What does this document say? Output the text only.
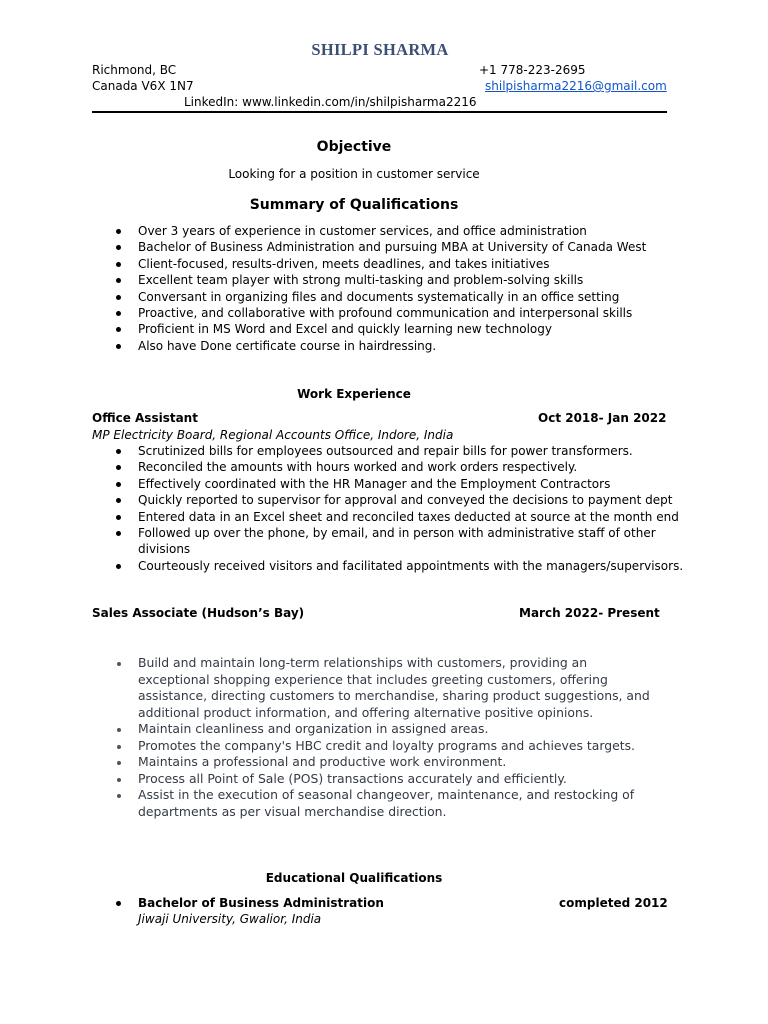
SHILPI SHARMA
Richmond, BC
Canada V6X 1N7
+1 778-223-2695
shilpisharma2216@gmail.com
LinkedIn: www.linkedin.com/in/shilpisharma2216
Objective
Looking for a position in customer service
Summary of Qualifications
Over 3 years of experience in customer services, and office administration
Bachelor of Business Administration and pursuing MBA at University of Canada West
Client-focused, results-driven, meets deadlines, and takes initiatives
Excellent team player with strong multi-tasking and problem-solving skills
Conversant in organizing files and documents systematically in an office setting
Proactive, and collaborative with profound communication and interpersonal skills
Proficient in MS Word and Excel and quickly learning new technology
Also have Done certificate course in hairdressing.
Work Experience
Office Assistant	Oct 2018- Jan 2022
MP Electricity Board, Regional Accounts Office, Indore, India
Scrutinized bills for employees outsourced and repair bills for power transformers.
Reconciled the amounts with hours worked and work orders respectively.
Effectively coordinated with the HR Manager and the Employment Contractors
Quickly reported to supervisor for approval and conveyed the decisions to payment dept
Entered data in an Excel sheet and reconciled taxes deducted at source at the month end
Followed up over the phone, by email, and in person with administrative staff of other divisions
Courteously received visitors and facilitated appointments with the managers/supervisors.
Sales Associate (Hudson’s Bay)	March 2022- Present
Build and maintain long-term relationships with customers, providing an exceptional shopping experience that includes greeting customers, offering assistance, directing customers to merchandise, sharing product suggestions, and additional product information, and offering alternative positive opinions.
Maintain cleanliness and organization in assigned areas.
Promotes the company's HBC credit and loyalty programs and achieves targets.
Maintains a professional and productive work environment.
Process all Point of Sale (POS) transactions accurately and efficiently.
Assist in the execution of seasonal changeover, maintenance, and restocking of departments as per visual merchandise direction.
Educational Qualifications
Bachelor of Business Administration	completed 2012
Jiwaji University, Gwalior, India
